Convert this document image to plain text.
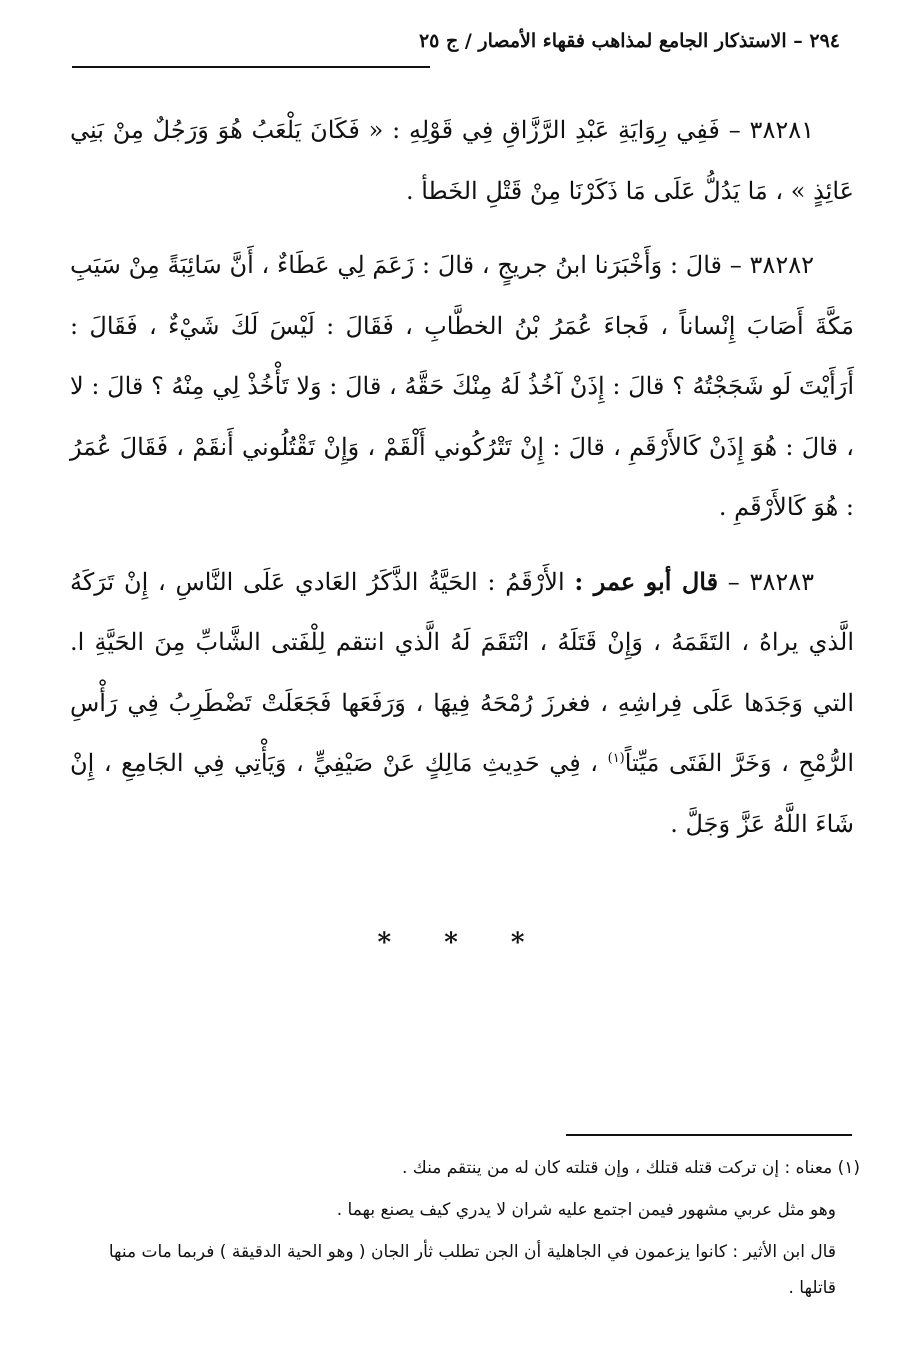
٢٩٤ – الاستذكار الجامع لمذاهب فقهاء الأمصار / ج ٢٥

٣٨٢٨١ – فَفِي رِوَايَةِ عَبْدِ الرَّزَّاقِ فِي قَوْلِهِ : « فَكَانَ يَلْعَبُ هُوَ وَرَجُلٌ مِنْ بَنِي عَائِذٍ » ، مَا يَدُلُّ عَلَى مَا ذَكَرْنَا مِنْ قَتْلِ الخَطأ .

٣٨٢٨٢ – قالَ : وَأَخْبَرَنا ابنُ جريجٍ ، قالَ : زَعَمَ لِي عَطَاءٌ ، أَنَّ سَائِبَةً مِنْ سَيَبِ مَكَّةَ أَصَابَ إِنْساناً ، فَجاءَ عُمَرُ بْنُ الخطَّابِ ، فَقَالَ : لَيْسَ لَكَ شَيْءٌ ، فَقَالَ : أَرَأَيْتَ لَو شَجَجْتُهُ ؟ قالَ : إِذَنْ آخُذُ لَهُ مِنْكَ حَقَّهُ ، قالَ : وَلا تَأْخُذْ لِي مِنْهُ ؟ قالَ : لا ، قالَ : هُوَ إِذَنْ كَالأَرْقَمِ ، قالَ : إِنْ تَتْرُكُوني أَلْقَمْ ، وَإِنْ تَقْتُلُوني أَنقَمْ ، فَقَالَ عُمَرُ : هُوَ كَالأَرْقَمِ .

٣٨٢٨٣ – قال أبو عمر : الأَرْقَمُ : الحَيَّةُ الذَّكَرُ العَادي عَلَى النَّاسِ ، إِنْ تَرَكَهُ الَّذي يراهُ ، التَقَمَهُ ، وَإِنْ قَتَلَهُ ، انْتَقَمَ لَهُ الَّذي انتقم لِلْفَتى الشَّابِّ مِنَ الحَيَّةِ ا. التي وَجَدَها عَلَى فِراشِهِ ، فغرزَ رُمْحَهُ فِيهَا ، وَرَفَعَها فَجَعَلَتْ تَضْطَرِبُ فِي رَأْسِ الرُّمْحِ ، وَخَرَّ الفَتَى مَيِّتاً$^{(١)}$ ، فِي حَدِيثِ مَالِكٍ عَنْ صَيْفِيٍّ ، وَيَأْتِي فِي الجَامِعِ ، إِنْ شَاءَ اللَّهُ عَزَّ وَجَلَّ .

* * *

(١) معناه : إن تركت قتله قتلك ، وإن قتلته كان له من ينتقم منك .

وهو مثل عربي مشهور فيمن اجتمع عليه شران لا يدري كيف يصنع بهما .

قال ابن الأثير : كانوا يزعمون في الجاهلية أن الجن تطلب ثأر الجان ( وهو الحية الدقيقة ) فربما مات منها قاتلها .
